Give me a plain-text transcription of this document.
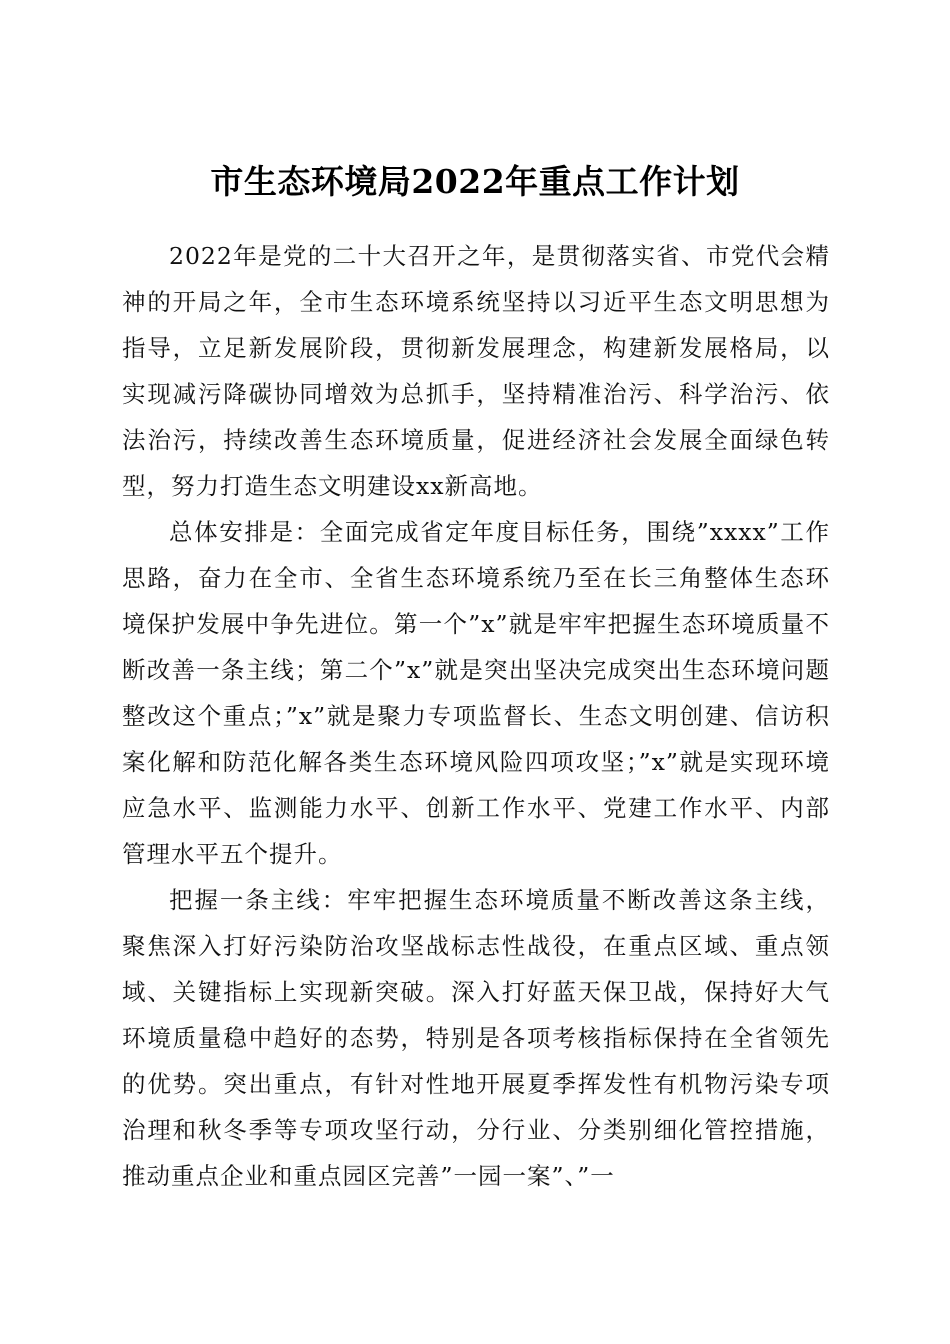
市生态环境局2022年重点工作计划

2022年是党的二十大召开之年，是贯彻落实省、市党代会精神的开局之年，全市生态环境系统坚持以习近平生态文明思想为指导，立足新发展阶段，贯彻新发展理念，构建新发展格局，以实现减污降碳协同增效为总抓手，坚持精准治污、科学治污、依法治污，持续改善生态环境质量，促进经济社会发展全面绿色转型，努力打造生态文明建设xx新高地。

总体安排是：全面完成省定年度目标任务，围绕”xxxx”工作思路，奋力在全市、全省生态环境系统乃至在长三角整体生态环境保护发展中争先进位。第一个”x”就是牢牢把握生态环境质量不断改善一条主线；第二个”x”就是突出坚决完成突出生态环境问题整改这个重点；”x”就是聚力专项监督长、生态文明创建、信访积案化解和防范化解各类生态环境风险四项攻坚；”x”就是实现环境应急水平、监测能力水平、创新工作水平、党建工作水平、内部管理水平五个提升。

把握一条主线：牢牢把握生态环境质量不断改善这条主线，聚焦深入打好污染防治攻坚战标志性战役，在重点区域、重点领域、关键指标上实现新突破。深入打好蓝天保卫战，保持好大气环境质量稳中趋好的态势，特别是各项考核指标保持在全省领先的优势。突出重点，有针对性地开展夏季挥发性有机物污染专项治理和秋冬季等专项攻坚行动，分行业、分类别细化管控措施，推动重点企业和重点园区完善”一园一案”、”一
